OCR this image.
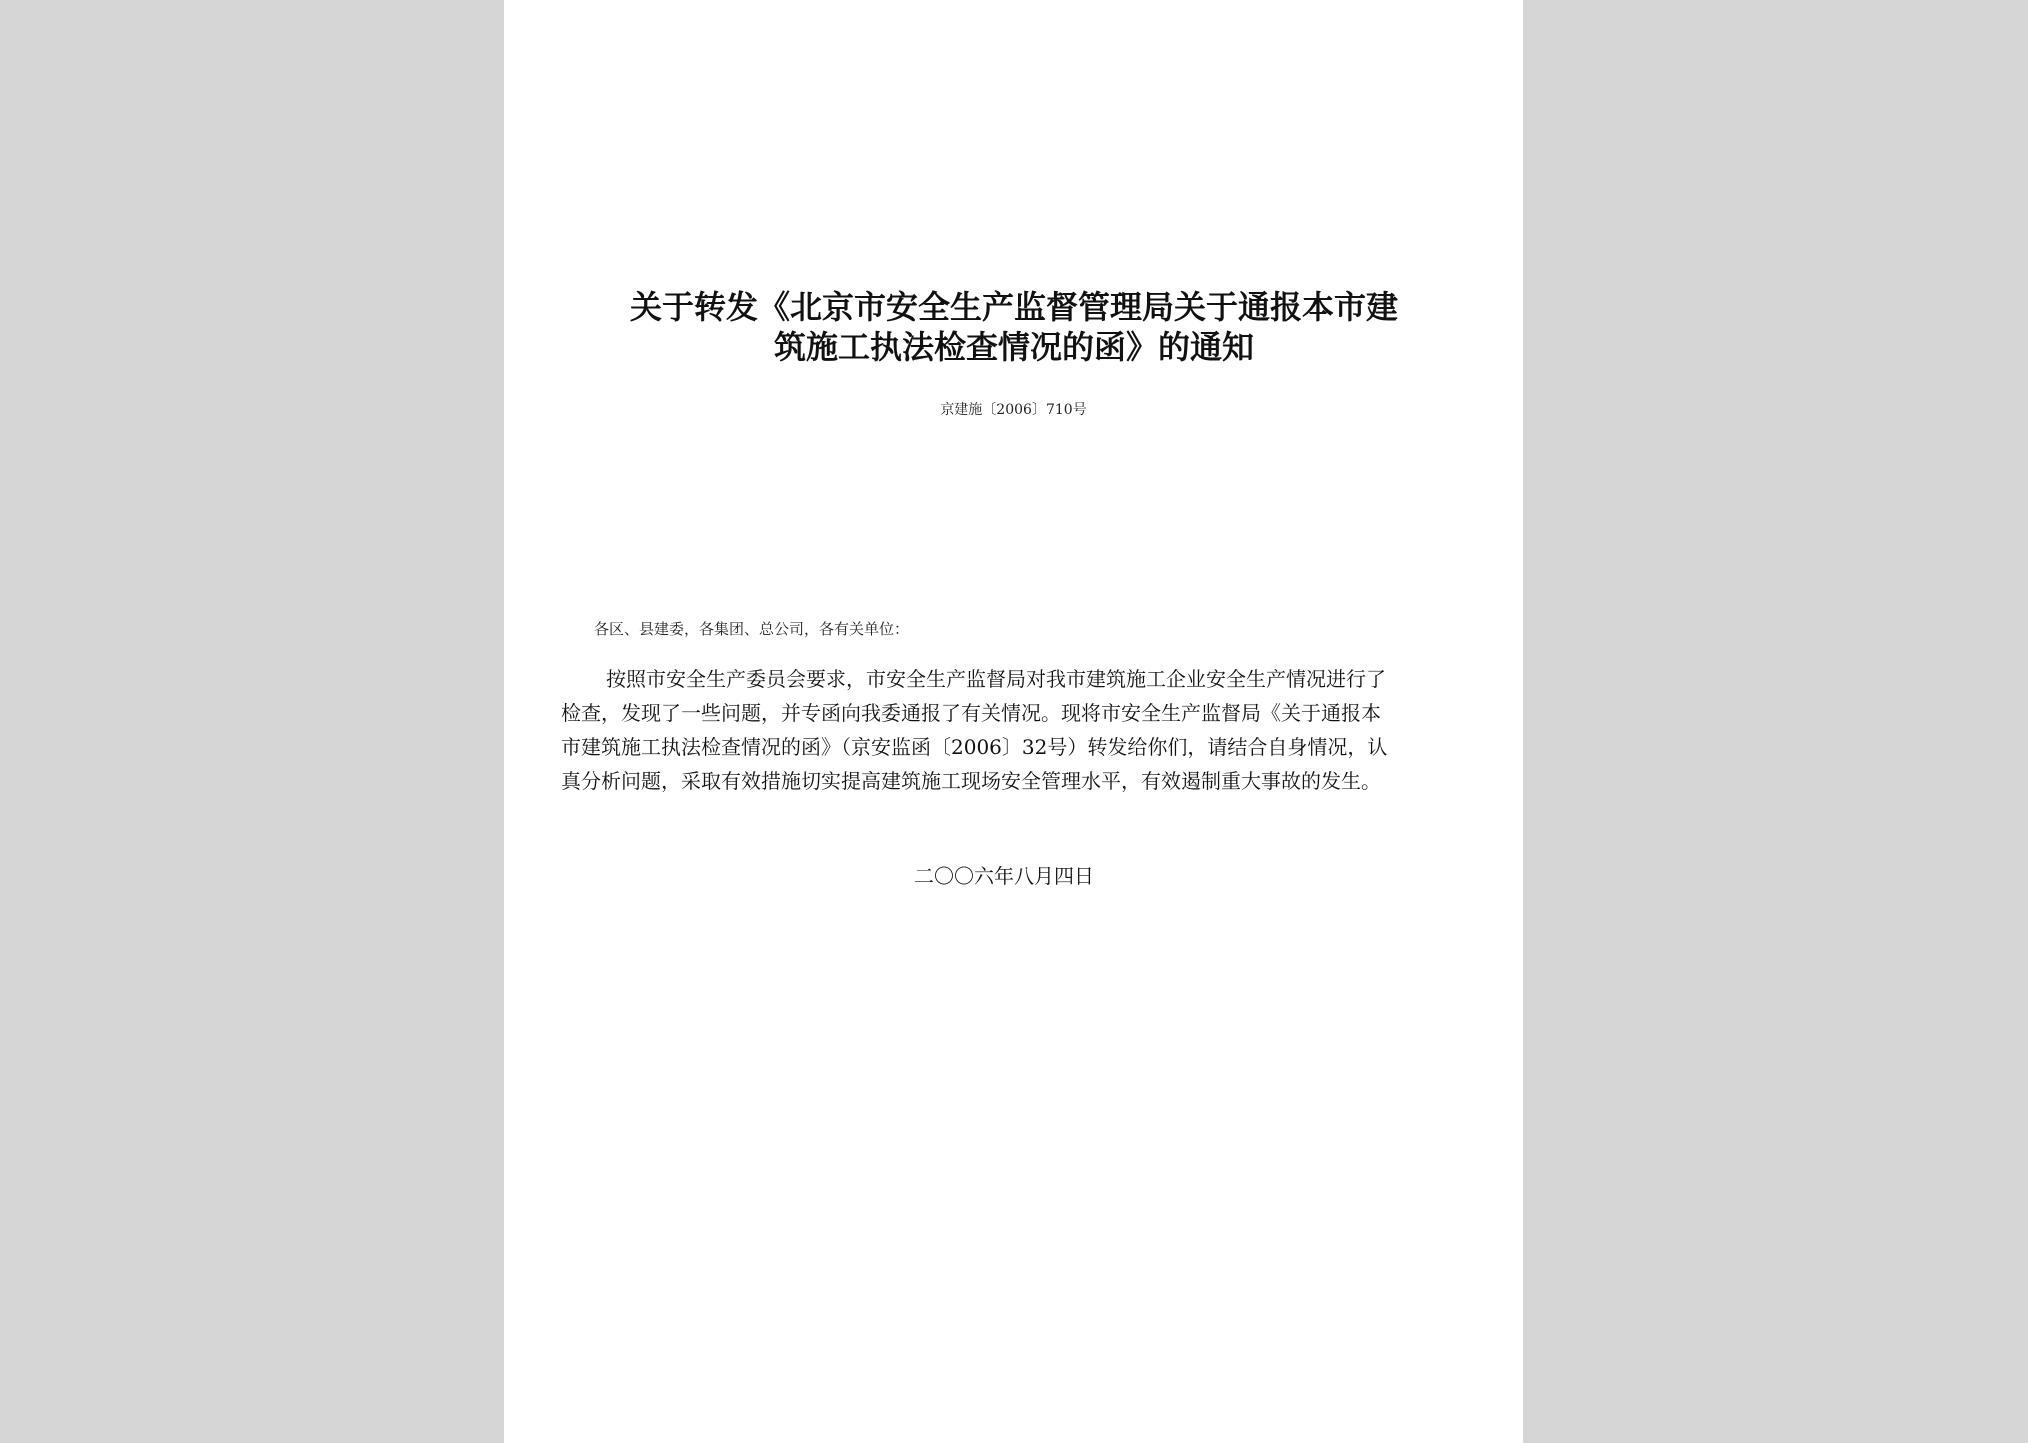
关于转发《北京市安全生产监督管理局关于通报本市建
筑施工执法检查情况的函》的通知
京建施〔2006〕710号
各区、县建委，各集团、总公司，各有关单位：
按照市安全生产委员会要求，市安全生产监督局对我市建筑施工企业安全生产情况进行了
检查，发现了一些问题，并专函向我委通报了有关情况。现将市安全生产监督局《关于通报本
市建筑施工执法检查情况的函》（京安监函〔2006〕32号）转发给你们，请结合自身情况，认
真分析问题，采取有效措施切实提高建筑施工现场安全管理水平，有效遏制重大事故的发生。
二〇〇六年八月四日
